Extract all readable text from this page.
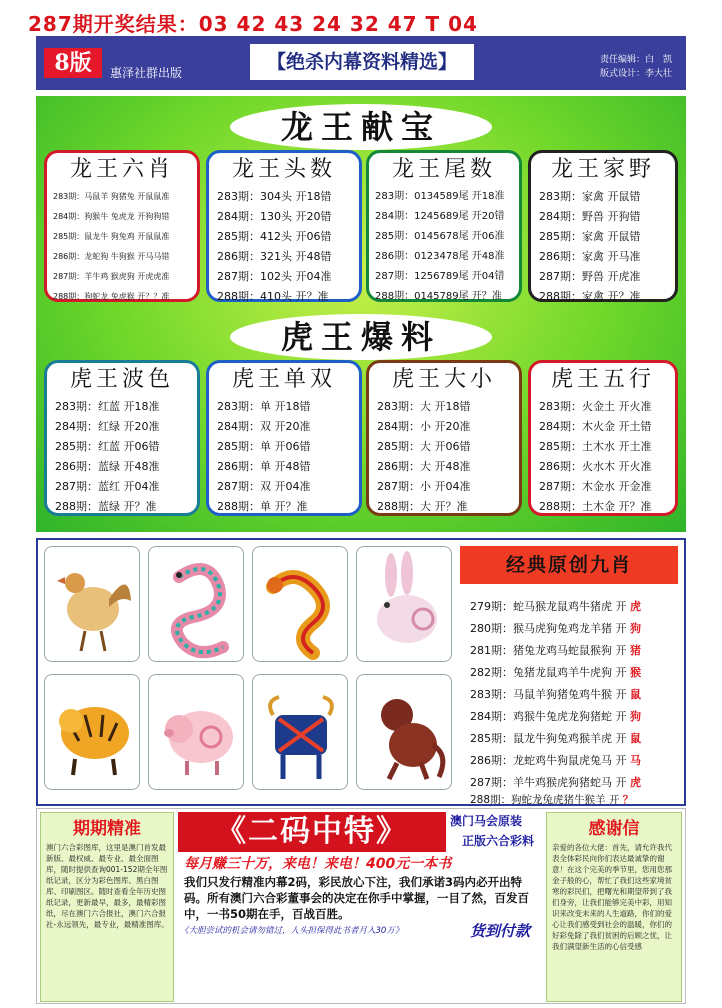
287期开奖结果：03 42 43 24 32 47 T 04
8版	惠泽社群出版	【绝杀内幕资料精选】	责任编辑：白　凯
版式设计：李大壮
龙王献宝
虎王爆料
龙王六肖
283期：马鼠羊 狗猪兔 开鼠鼠准
284期：狗猴牛 兔虎龙 开狗狗错
285期：鼠龙牛 狗兔鸡 开鼠鼠准
286期：龙蛇狗 牛狗猴 开马马错
287期：羊牛鸡 猴虎狗 开虎虎准
288期：狗蛇龙 兔虎猴 开？？准
龙王头数
283期：304头 开18错
284期：130头 开20错
285期：412头 开06错
286期：321头 开48错
287期：102头 开04准
288期：410头 开？准
龙王尾数
283期：0134589尾 开18准
284期：1245689尾 开20错
285期：0145678尾 开06准
286期：0123478尾 开48准
287期：1256789尾 开04错
288期：0145789尾 开？准
龙王家野
283期：家禽 开鼠错
284期：野兽 开狗错
285期：家禽 开鼠错
286期：家禽 开马准
287期：野兽 开虎准
288期：家禽 开？准
虎王波色
283期：红蓝 开18准
284期：红绿 开20准
285期：红蓝 开06错
286期：蓝绿 开48准
287期：蓝红 开04准
288期：蓝绿 开？准
虎王单双
283期：单 开18错
284期：双 开20准
285期：单 开06错
286期：单 开48错
287期：双 开04准
288期：单 开？准
虎王大小
283期：大 开18错
284期：小 开20准
285期：大 开06错
286期：大 开48准
287期：小 开04准
288期：大 开？准
虎王五行
283期：火金土 开火准
284期：木火金 开土错
285期：土木水 开土准
286期：火水木 开火准
287期：木金水 开金准
288期：土木金 开？准
经典原创九肖
279期：蛇马猴龙鼠鸡牛猪虎 开 虎
280期：猴马虎狗兔鸡龙羊猪 开 狗
281期：猪兔龙鸡马蛇鼠猴狗 开 猪
282期：兔猪龙鼠鸡羊牛虎狗 开 猴
283期：马鼠羊狗猪兔鸡牛猴 开 鼠
284期：鸡猴牛兔虎龙狗猪蛇 开 狗
285期：鼠龙牛狗兔鸡猴羊虎 开 鼠
286期：龙蛇鸡牛狗鼠虎兔马 开 马
287期：羊牛鸡猴虎狗猪蛇马 开 虎
288期：狗蛇龙兔虎猪牛猴羊 开 ？
期期精准
澳门六合彩图库，这里是澳门首发最新版、最权威、最专业、最全面图库，随时提供查询001-152期全年图纸记录，区分为彩色图库、黑白图库、印刷图区。随时查看全年历史图纸记录，更新最早，最多，最精彩图纸，尽在澳门六合报社，澳门六合报社-永远领先，最专业，最精准图库。
《二码中特》	澳门马会原装
正版六合彩料
每月赚三十万，来电！来电！400元一本书
我们只发行精准内幕2码，彩民放心下注，我们承诺3码内必开出特码。所有澳门六合彩董事会的决定在你手中掌握，一目了然，百发百中，一书50期在手，百战百胜。
《大胆尝试的机会请勿错过，人头担保得此书者月入30万》	货到付款
感谢信
亲爱的各位大佬：首先，请允许我代表全体彩民向你们表达最诚挚的谢意！在这个完美的季节里，您用您那金子般的心，帮忙了我们这些家境贫寒的彩民们，把曙光和期望带到了我们身旁，让我们能够完美中彩，用知识来改变未来的人生道路，你们的爱心让我们感受到社会的温暖，你们的好彩免除了我们贫困的后顾之忧，让我们满望新生活的心信受感
